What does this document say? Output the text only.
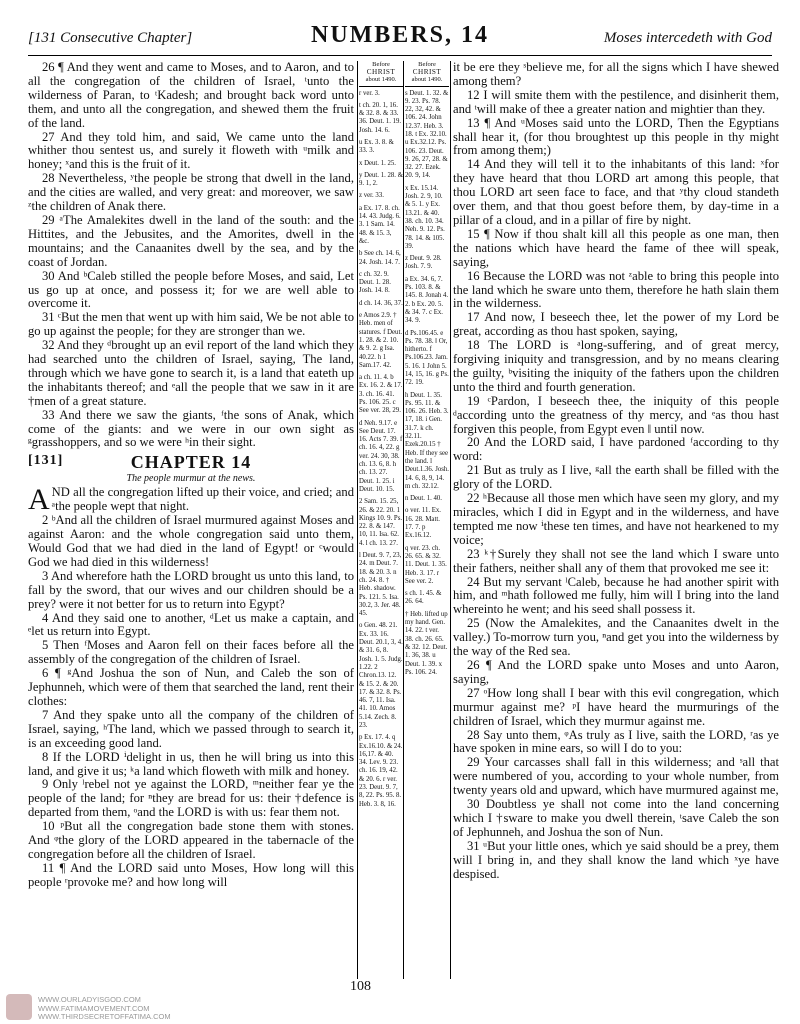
[131 Consecutive Chapter]	NUMBERS, 14	Moses intercedeth with God

26 ¶ And they went and came to Moses, and to Aaron, and to all the congregation of the children of Israel, ᵗunto the wilderness of Paran, to ᵗKadesh; and brought back word unto them, and unto all the congregation, and shewed them the fruit of the land.

27 And they told him, and said, We came unto the land whither thou sentest us, and surely it floweth with ᵘmilk and honey; ˣand this is the fruit of it.

28 Nevertheless, ʸthe people be strong that dwell in the land, and the cities are walled, and very great: and moreover, we saw ᶻthe children of Anak there.

29 ᵃThe Amalekites dwell in the land of the south: and the Hittites, and the Jebusites, and the Amorites, dwell in the mountains; and the Canaanites dwell by the sea, and by the coast of Jordan.

30 And ᵇCaleb stilled the people before Moses, and said, Let us go up at once, and possess it; for we are well able to overcome it.

31 ᶜBut the men that went up with him said, We be not able to go up against the people; for they are stronger than we.

32 And they ᵈbrought up an evil report of the land which they had searched unto the children of Israel, saying, The land, through which we have gone to search it, is a land that eateth up the inhabitants thereof; and ᵉall the people that we saw in it are †men of a great stature.

33 And there we saw the giants, ᶠthe sons of Anak, which come of the giants: and we were in our own sight as ᵍgrasshoppers, and so we were ʰin their sight.

[131]	CHAPTER 14
The people murmur at the news.

AND all the congregation lifted up their voice, and cried; and ᵃthe people wept that night.

2 ᵇAnd all the children of Israel murmured against Moses and against Aaron: and the whole congregation said unto them, Would God that we had died in the land of Egypt! or ᶜwould God we had died in this wilderness!

3 And wherefore hath the LORD brought us unto this land, to fall by the sword, that our wives and our children should be a prey? were it not better for us to return into Egypt?

4 And they said one to another, ᵈLet us make a captain, and ᵉlet us return into Egypt.

5 Then ᶠMoses and Aaron fell on their faces before all the assembly of the congregation of the children of Israel.

6 ¶ ᵍAnd Joshua the son of Nun, and Caleb the son of Jephunneh, which were of them that searched the land, rent their clothes:

7 And they spake unto all the company of the children of Israel, saying, ʰThe land, which we passed through to search it, is an exceeding good land.

8 If the LORD ⁱdelight in us, then he will bring us into this land, and give it us; ᵏa land which floweth with milk and honey.

9 Only ˡrebel not ye against the LORD, ᵐneither fear ye the people of the land; for ⁿthey are bread for us: their †defence is departed from them, ᵒand the LORD is with us: fear them not.

10 ᵖBut all the congregation bade stone them with stones. And ᵠthe glory of the LORD appeared in the tabernacle of the congregation before all the children of Israel.

11 ¶ And the LORD said unto Moses, How long will this people ʳprovoke me? and how long will

Before
CHRIST
about 1490.
r ver. 3.
t ch. 20. 1, 16. & 32. 8. & 33. 36. Deut. 1. 19. Josh. 14. 6.
u Ex. 3. 8. & 33. 3.
x Deut. 1. 25.
y Deut. 1. 28. & 9. 1, 2.
z ver. 33.
a Ex. 17. 8. ch. 14. 43. Judg. 6. 3. 1 Sam. 14. 48. & 15. 3, &c.
b See ch. 14. 6, 24. Josh. 14. 7.
c ch. 32. 9. Deut. 1. 28. Josh. 14. 8.
d ch. 14. 36, 37.
e Amos 2.9. † Heb. men of statures. f Deut. 1. 28. & 2. 10. & 9. 2. g Isa. 40.22. h 1 Sam.17. 42.
a ch. 11. 4. b Ex. 16. 2. & 17. 3. ch. 16. 41. Ps. 106. 25. c See ver. 28, 29.
d Neh. 9.17. e See Deut. 17. 16. Acts 7. 39. f ch. 16. 4, 22. g ver. 24. 30, 38. ch. 13. 6, 8. h ch. 13. 27. Deut. 1. 25. i Deut. 10. 15.
2 Sam. 15. 25, 26. & 22. 20. 1 Kings 10. 9. Ps. 22. 8. & 147. 10, 11. Isa. 62. 4. l ch. 13. 27.
l Deut. 9. 7, 23, 24. m Deut. 7. 18. & 20. 3. n ch. 24. 8. † Heb. shadow. Ps. 121. 5. Isa. 30.2, 3. Jer. 48. 45.
o Gen. 48. 21. Ex. 33. 16. Deut. 20.1, 3, 4. & 31. 6, 8. Josh. 1. 5. Judg. 1.22. 2 Chron.13. 12. & 15. 2. & 20. 17. & 32. 8. Ps. 46. 7, 11. Isa. 41. 10. Amos 5.14. Zech. 8. 23.
p Ex. 17. 4. q Ex.16.10. & 24. 16,17. & 40. 34. Lev. 9. 23. ch. 16. 19, 42. & 20. 6. r ver. 23. Deut. 9. 7, 8, 22. Ps. 95. 8. Heb. 3. 8, 16.
Before
CHRIST
about 1490.
s Deut. 1. 32. & 9. 23. Ps. 78. 22, 32, 42. & 106. 24. John 12.37. Heb. 3. 18. t Ex. 32.10. u Ex.32.12. Ps. 106. 23. Deut. 9. 26, 27, 28. & 32. 27. Ezek. 20. 9, 14.
x Ex. 15.14. Josh. 2. 9, 10. & 5. 1. y Ex. 13.21. & 40. 38. ch. 10. 34. Neh. 9. 12. Ps. 78. 14. & 105. 39.
z Deut. 9. 28. Josh. 7. 9.
a Ex. 34. 6, 7. Ps. 103. 8. & 145. 8. Jonah 4. 2. b Ex. 20. 5. & 34. 7. c Ex. 34. 9.
d Ps.106.45. e Ps. 78. 38. ‖ Or, hitherto. f Ps.106.23. Jam. 5. 16. 1 John 5. 14, 15, 16. g Ps. 72. 19.
h Deut. 1. 35. Ps. 95. 11. & 106. 26. Heb. 3. 17, 18. i Gen. 31.7. k ch. 32.11. Ezek.20.15 † Heb. If they see the land. l Deut.1.36. Josh. 14. 6, 8, 9, 14. m ch. 32.12.
n Deut. 1. 40.
o ver. 11. Ex. 16. 28. Matt. 17. 7. p Ex.16.12.
q ver. 23. ch. 26. 65. & 32. 11. Deut. 1. 35. Heb. 3. 17. r See ver. 2.
s ch. 1. 45. & 26. 64.
† Heb. lifted up my hand. Gen. 14. 22. t ver. 38. ch. 26. 65. & 32. 12. Deut. 1. 36, 38. u Deut. 1. 39. x Ps. 106. 24.

it be ere they ˢbelieve me, for all the signs which I have shewed among them?

12 I will smite them with the pestilence, and disinherit them, and ᵗwill make of thee a greater nation and mightier than they.

13 ¶ And ᵘMoses said unto the LORD, Then the Egyptians shall hear it, (for thou broughtest up this people in thy might from among them;)

14 And they will tell it to the inhabitants of this land: ˣfor they have heard that thou LORD art among this people, that thou LORD art seen face to face, and that ʸthy cloud standeth over them, and that thou goest before them, by day-time in a pillar of a cloud, and in a pillar of fire by night.

15 ¶ Now if thou shalt kill all this people as one man, then the nations which have heard the fame of thee will speak, saying,

16 Because the LORD was not ᶻable to bring this people into the land which he sware unto them, therefore he hath slain them in the wilderness.

17 And now, I beseech thee, let the power of my Lord be great, according as thou hast spoken, saying,

18 The LORD is ᵃlong-suffering, and of great mercy, forgiving iniquity and transgression, and by no means clearing the guilty, ᵇvisiting the iniquity of the fathers upon the children unto the third and fourth generation.

19 ᶜPardon, I beseech thee, the iniquity of this people ᵈaccording unto the greatness of thy mercy, and ᵉas thou hast forgiven this people, from Egypt even ‖ until now.

20 And the LORD said, I have pardoned ᶠaccording to thy word:

21 But as truly as I live, ᵍall the earth shall be filled with the glory of the LORD.

22 ʰBecause all those men which have seen my glory, and my miracles, which I did in Egypt and in the wilderness, and have tempted me now ⁱthese ten times, and have not hearkened to my voice;

23 ᵏ†Surely they shall not see the land which I sware unto their fathers, neither shall any of them that provoked me see it:

24 But my servant ˡCaleb, because he had another spirit with him, and ᵐhath followed me fully, him will I bring into the land whereinto he went; and his seed shall possess it.

25 (Now the Amalekites, and the Canaanites dwelt in the valley.) To-morrow turn you, ⁿand get you into the wilderness by the way of the Red sea.

26 ¶ And the LORD spake unto Moses and unto Aaron, saying,

27 ᵒHow long shall I bear with this evil congregation, which murmur against me? ᵖI have heard the murmurings of the children of Israel, which they murmur against me.

28 Say unto them, ᵠAs truly as I live, saith the LORD, ʳas ye have spoken in mine ears, so will I do to you:

29 Your carcasses shall fall in this wilderness; and ˢall that were numbered of you, according to your whole number, from twenty years old and upward, which have murmured against me,

30 Doubtless ye shall not come into the land concerning which I †sware to make you dwell therein, ᵗsave Caleb the son of Jephunneh, and Joshua the son of Nun.

31 ᵘBut your little ones, which ye said should be a prey, them will I bring in, and they shall know the land which ˣye have despised.

108
WWW.OURLADYISGOD.COM
WWW.FATIMAMOVEMENT.COM
WWW.THIRDSECRETOFFATIMA.COM
